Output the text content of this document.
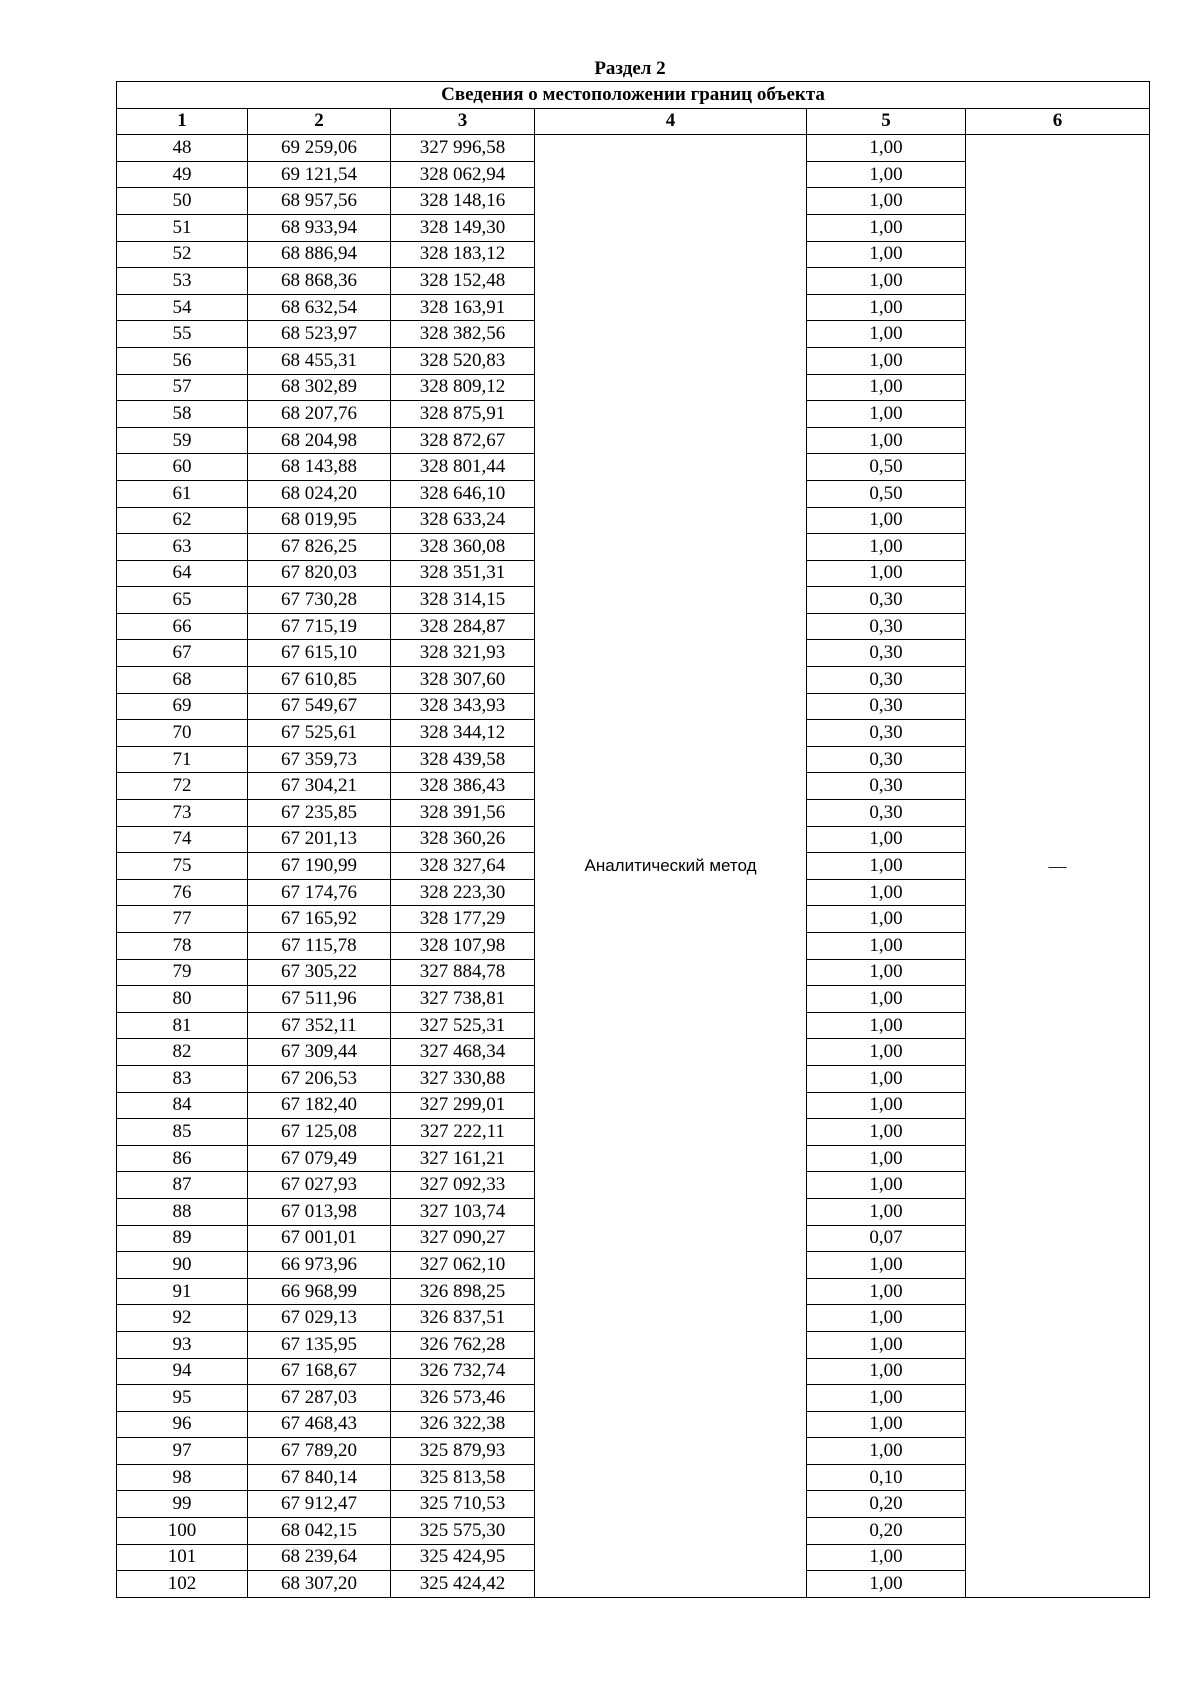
Раздел 2
Сведения о местоположении границ объекта					
1	2	3	4	5	6
48	69 259,06	327 996,58	Аналитический метод	1,00	—
49	69 121,54	328 062,94		1,00	
50	68 957,56	328 148,16		1,00	
51	68 933,94	328 149,30		1,00	
52	68 886,94	328 183,12		1,00	
53	68 868,36	328 152,48		1,00	
54	68 632,54	328 163,91		1,00	
55	68 523,97	328 382,56		1,00	
56	68 455,31	328 520,83		1,00	
57	68 302,89	328 809,12		1,00	
58	68 207,76	328 875,91		1,00	
59	68 204,98	328 872,67		1,00	
60	68 143,88	328 801,44		0,50	
61	68 024,20	328 646,10		0,50	
62	68 019,95	328 633,24		1,00	
63	67 826,25	328 360,08		1,00	
64	67 820,03	328 351,31		1,00	
65	67 730,28	328 314,15		0,30	
66	67 715,19	328 284,87		0,30	
67	67 615,10	328 321,93		0,30	
68	67 610,85	328 307,60		0,30	
69	67 549,67	328 343,93		0,30	
70	67 525,61	328 344,12		0,30	
71	67 359,73	328 439,58		0,30	
72	67 304,21	328 386,43		0,30	
73	67 235,85	328 391,56		0,30	
74	67 201,13	328 360,26		1,00	
75	67 190,99	328 327,64		1,00	
76	67 174,76	328 223,30		1,00	
77	67 165,92	328 177,29		1,00	
78	67 115,78	328 107,98		1,00	
79	67 305,22	327 884,78		1,00	
80	67 511,96	327 738,81		1,00	
81	67 352,11	327 525,31		1,00	
82	67 309,44	327 468,34		1,00	
83	67 206,53	327 330,88		1,00	
84	67 182,40	327 299,01		1,00	
85	67 125,08	327 222,11		1,00	
86	67 079,49	327 161,21		1,00	
87	67 027,93	327 092,33		1,00	
88	67 013,98	327 103,74		1,00	
89	67 001,01	327 090,27		0,07	
90	66 973,96	327 062,10		1,00	
91	66 968,99	326 898,25		1,00	
92	67 029,13	326 837,51		1,00	
93	67 135,95	326 762,28		1,00	
94	67 168,67	326 732,74		1,00	
95	67 287,03	326 573,46		1,00	
96	67 468,43	326 322,38		1,00	
97	67 789,20	325 879,93		1,00	
98	67 840,14	325 813,58		0,10	
99	67 912,47	325 710,53		0,20	
100	68 042,15	325 575,30		0,20	
101	68 239,64	325 424,95		1,00	
102	68 307,20	325 424,42		1,00	
